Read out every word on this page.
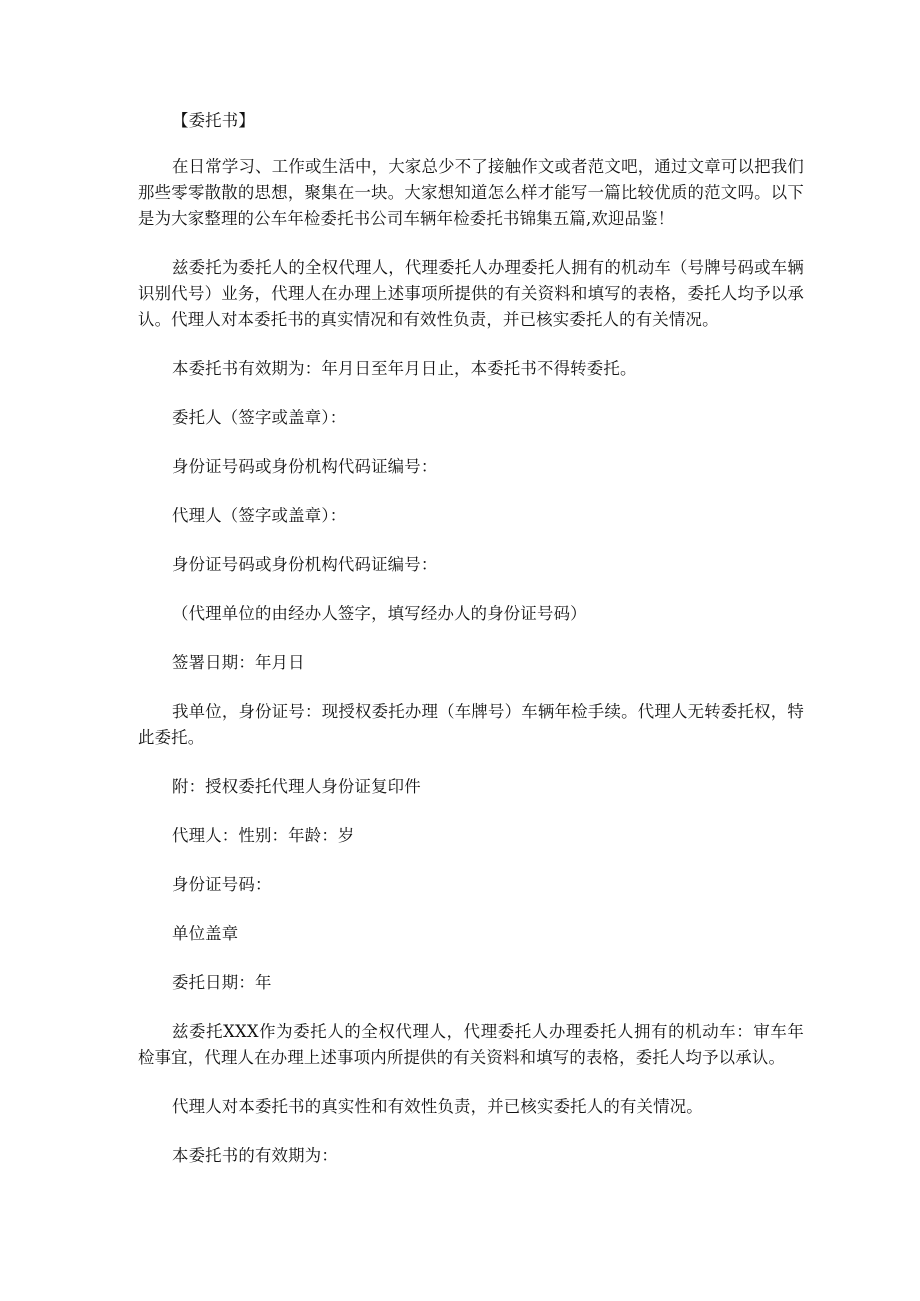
【委托书】

在日常学习、工作或生活中，大家总少不了接触作文或者范文吧，通过文章可以把我们那些零零散散的思想，聚集在一块。大家想知道怎么样才能写一篇比较优质的范文吗。以下是为大家整理的公车年检委托书公司车辆年检委托书锦集五篇,欢迎品鉴！

兹委托为委托人的全权代理人，代理委托人办理委托人拥有的机动车（号牌号码或车辆识别代号）业务，代理人在办理上述事项所提供的有关资料和填写的表格，委托人均予以承认。代理人对本委托书的真实情况和有效性负责，并已核实委托人的有关情况。

本委托书有效期为：年月日至年月日止，本委托书不得转委托。

委托人（签字或盖章）：

身份证号码或身份机构代码证编号：

代理人（签字或盖章）：

身份证号码或身份机构代码证编号：

（代理单位的由经办人签字，填写经办人的身份证号码）

签署日期：年月日

我单位，身份证号：现授权委托办理（车牌号）车辆年检手续。代理人无转委托权，特此委托。

附：授权委托代理人身份证复印件

代理人：性别：年龄：岁

身份证号码：

单位盖章

委托日期：年

兹委托XXX作为委托人的全权代理人，代理委托人办理委托人拥有的机动车：审车年检事宜，代理人在办理上述事项内所提供的有关资料和填写的表格，委托人均予以承认。

代理人对本委托书的真实性和有效性负责，并已核实委托人的有关情况。

本委托书的有效期为：
